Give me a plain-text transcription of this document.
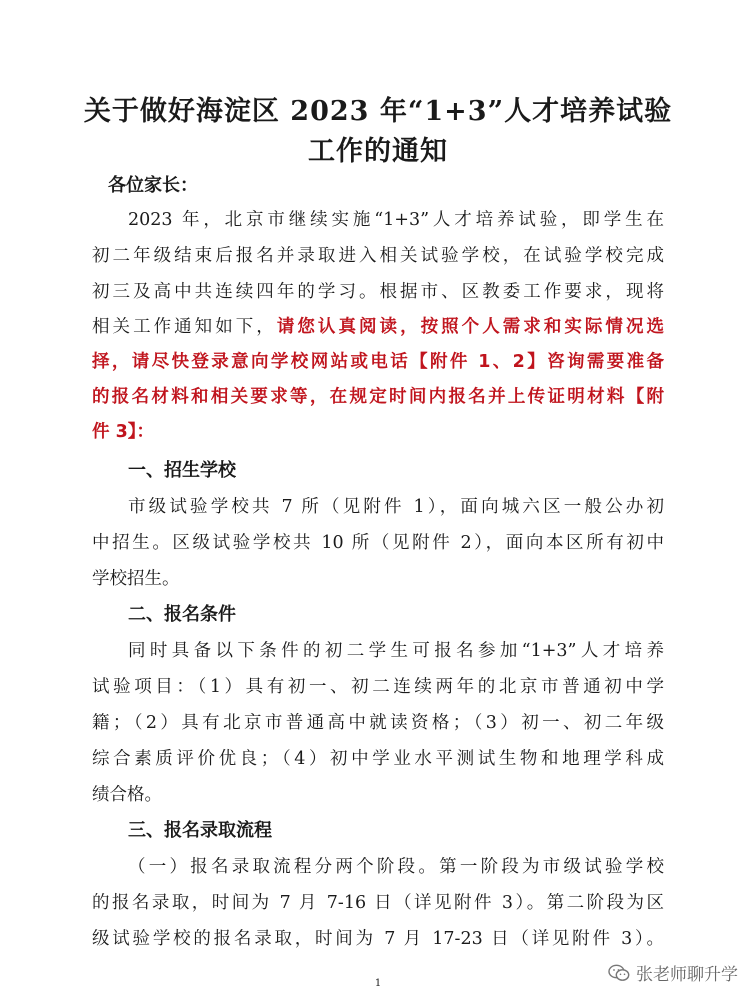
关于做好海淀区 2023 年“1+3”人才培养试验
工作的通知
各位家长：
2023 年，北京市继续实施“1+3”人才培养试验，即学生在
初二年级结束后报名并录取进入相关试验学校，在试验学校完成
初三及高中共连续四年的学习。根据市、区教委工作要求，现将
相关工作通知如下，请您认真阅读，按照个人需求和实际情况选
择，请尽快登录意向学校网站或电话【附件 1、2】咨询需要准备
的报名材料和相关要求等，在规定时间内报名并上传证明材料【附
件 3】：
一、招生学校
市级试验学校共 7 所（见附件 1），面向城六区一般公办初
中招生。区级试验学校共 10 所（见附件 2），面向本区所有初中
学校招生。
二、报名条件
同时具备以下条件的初二学生可报名参加“1+3”人才培养
试验项目：（1）具有初一、初二连续两年的北京市普通初中学
籍；（2）具有北京市普通高中就读资格；（3）初一、初二年级
综合素质评价优良；（4）初中学业水平测试生物和地理学科成
绩合格。
三、报名录取流程
（一）报名录取流程分两个阶段。第一阶段为市级试验学校
的报名录取，时间为 7 月 7-16 日（详见附件 3）。第二阶段为区
级试验学校的报名录取，时间为 7 月 17-23 日（详见附件 3）。
1	张老师聊升学
